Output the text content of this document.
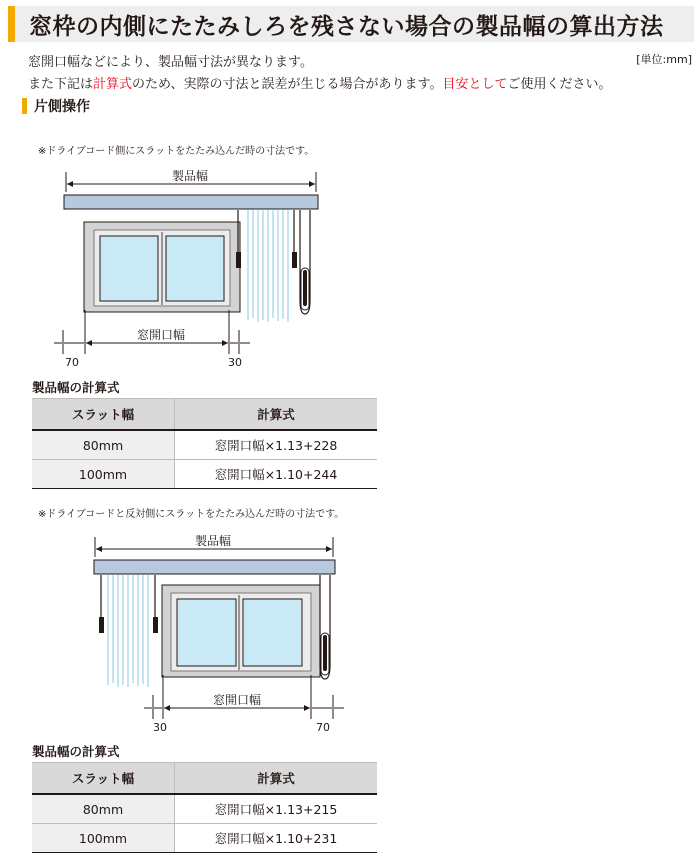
窓枠の内側にたたみしろを残さない場合の製品幅の算出方法
窓開口幅などにより、製品幅寸法が異なります。	[単位:mm]
また下記は計算式のため、実際の寸法と誤差が生じる場合があります。目安としてご使用ください。
片側操作
※ドライブコード側にスラットをたたみ込んだ時の寸法です。
製品幅
窓開口幅
70	30
製品幅の計算式
スラット幅	計算式
80mm	窓開口幅×1.13+228
100mm	窓開口幅×1.10+244
※ドライブコードと反対側にスラットをたたみ込んだ時の寸法です。
製品幅
窓開口幅
30	70
製品幅の計算式
スラット幅	計算式
80mm	窓開口幅×1.13+215
100mm	窓開口幅×1.10+231
